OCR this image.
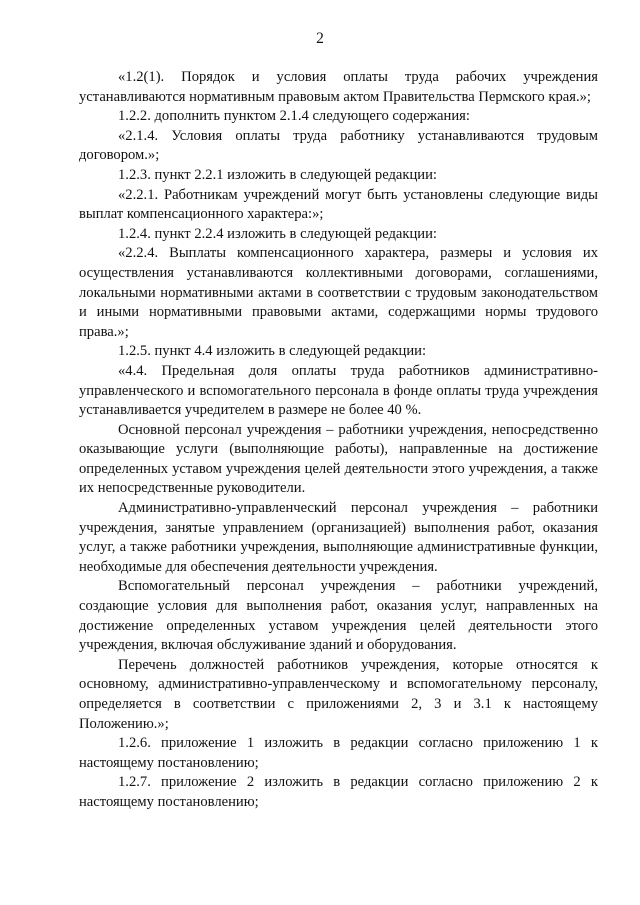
2

«1.2(1). Порядок и условия оплаты труда рабочих учреждения устанавливаются нормативным правовым актом Правительства Пермского края.»;

1.2.2. дополнить пунктом 2.1.4 следующего содержания:

«2.1.4. Условия оплаты труда работнику устанавливаются трудовым договором.»;

1.2.3. пункт 2.2.1 изложить в следующей редакции:

«2.2.1. Работникам учреждений могут быть установлены следующие виды выплат компенсационного характера:»;

1.2.4. пункт 2.2.4 изложить в следующей редакции:

«2.2.4. Выплаты компенсационного характера, размеры и условия их осуществления устанавливаются коллективными договорами, соглашениями, локальными нормативными актами в соответствии с трудовым законодательством и иными нормативными правовыми актами, содержащими нормы трудового права.»;

1.2.5. пункт 4.4 изложить в следующей редакции:

«4.4. Предельная доля оплаты труда работников административно-управленческого и вспомогательного персонала в фонде оплаты труда учреждения устанавливается учредителем в размере не более 40 %.

Основной персонал учреждения – работники учреждения, непосредственно оказывающие услуги (выполняющие работы), направленные на достижение определенных уставом учреждения целей деятельности этого учреждения, а также их непосредственные руководители.

Административно-управленческий персонал учреждения – работники учреждения, занятые управлением (организацией) выполнения работ, оказания услуг, а также работники учреждения, выполняющие административные функции, необходимые для обеспечения деятельности учреждения.

Вспомогательный персонал учреждения – работники учреждений, создающие условия для выполнения работ, оказания услуг, направленных на достижение определенных уставом учреждения целей деятельности этого учреждения, включая обслуживание зданий и оборудования.

Перечень должностей работников учреждения, которые относятся к основному, административно-управленческому и вспомогательному персоналу, определяется в соответствии с приложениями 2, 3 и 3.1 к настоящему Положению.»;

1.2.6. приложение 1 изложить в редакции согласно приложению 1 к настоящему постановлению;

1.2.7. приложение 2 изложить в редакции согласно приложению 2 к настоящему постановлению;
